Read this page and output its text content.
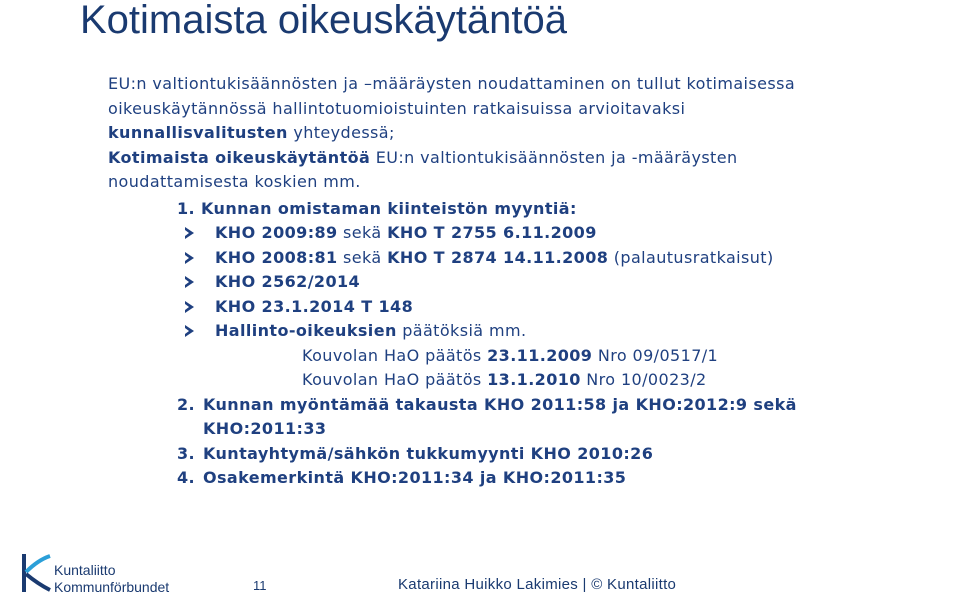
Kotimaista oikeuskäytäntöä

EU:n valtiontukisäännösten ja –määräysten noudattaminen on tullut kotimaisessa

oikeuskäytännössä hallintotuomioistuinten ratkaisuissa arvioitavaksi

kunnallisvalitusten yhteydessä;

Kotimaista oikeuskäytäntöä EU:n valtiontukisäännösten ja -määräysten

noudattamisesta koskien mm.

1. Kunnan omistaman kiinteistön myyntiä:

KHO 2009:89 sekä KHO T 2755 6.11.2009

KHO 2008:81 sekä KHO T 2874 14.11.2008 (palautusratkaisut)

KHO 2562/2014

KHO 23.1.2014 T 148

Hallinto-oikeuksien päätöksiä mm.

Kouvolan HaO päätös 23.11.2009 Nro 09/0517/1

Kouvolan HaO päätös 13.1.2010 Nro 10/0023/2

2. Kunnan myöntämää takausta KHO 2011:58 ja KHO:2012:9 sekä

KHO:2011:33

3. Kuntayhtymä/sähkön tukkumyynti KHO 2010:26

4. Osakemerkintä KHO:2011:34 ja KHO:2011:35

Kuntaliitto
Kommunförbundet	11	Katariina Huikko Lakimies | © Kuntaliitto
